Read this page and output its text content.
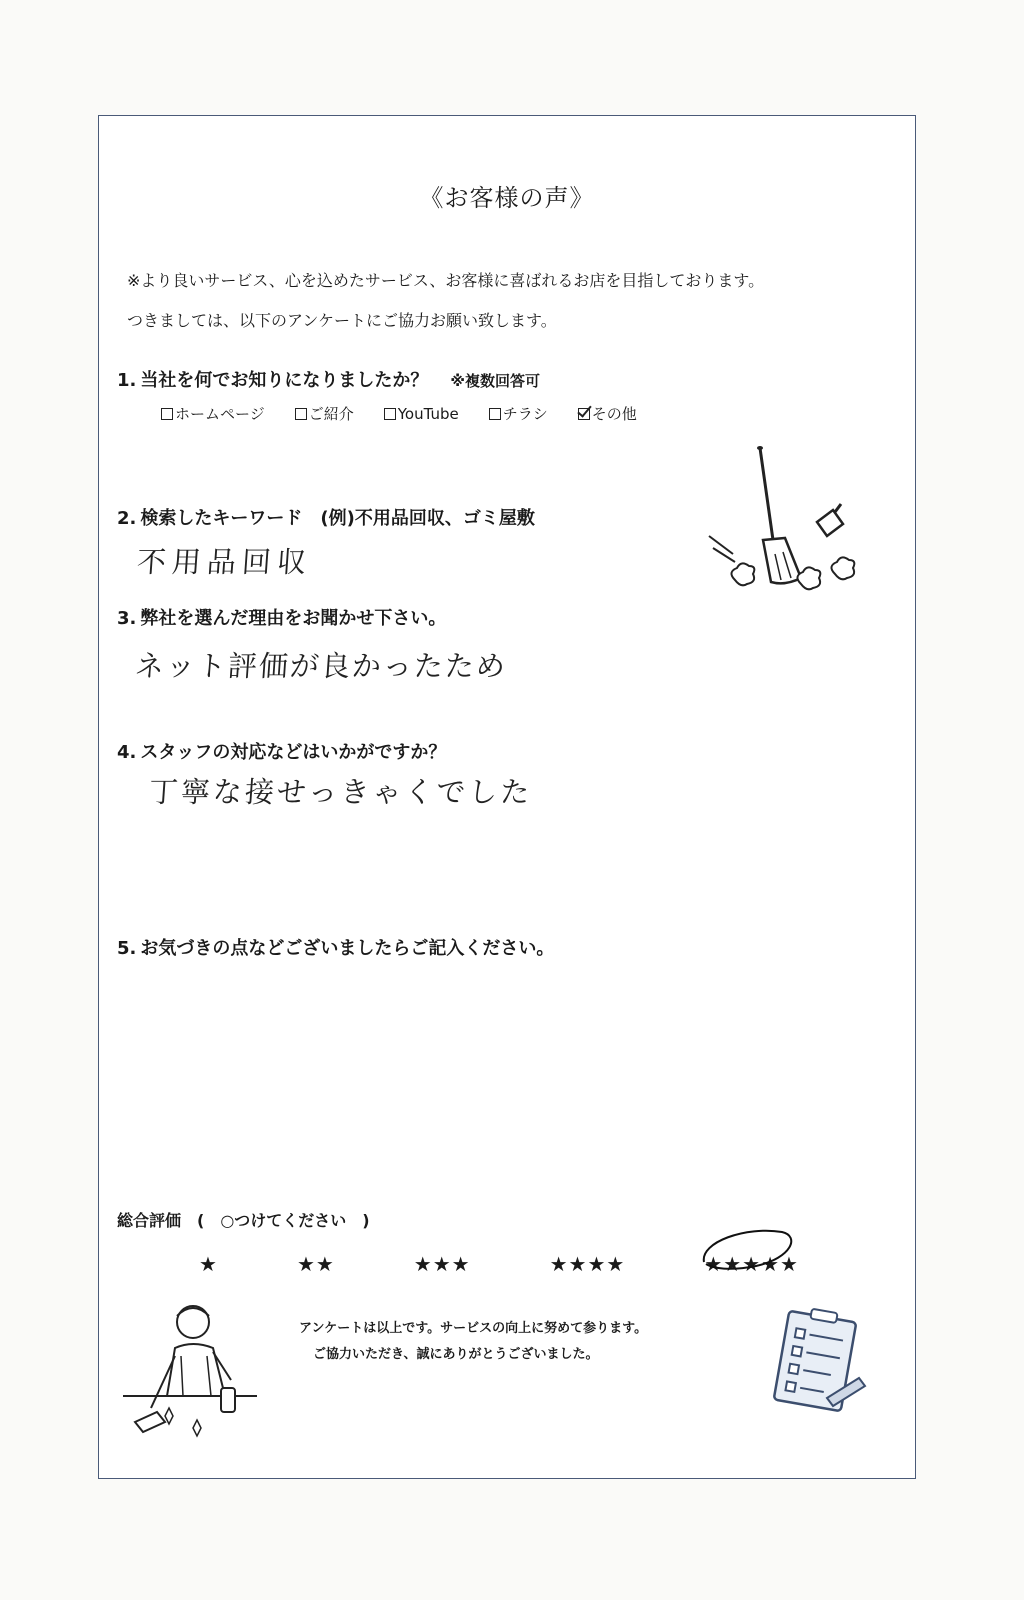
《お客様の声》
※より良いサービス、心を込めたサービス、お客様に喜ばれるお店を目指しております。
つきましては、以下のアンケートにご協力お願い致します。
1. 当社を何でお知りになりましたか？ ※複数回答可
ホームページ	ご紹介	YouTube	チラシ	その他
2. 検索したキーワード　(例)不用品回収、ゴミ屋敷
不用品回収
3. 弊社を選んだ理由をお聞かせ下さい。
ネット評価が良かったため
4. スタッフの対応などはいかがですか？
丁寧な接せっきゃくでした
5. お気づきの点などございましたらご記入ください。
総合評価　(　○つけてください　)
★	★★	★★★	★★★★	★★★★★
アンケートは以上です。サービスの向上に努めて参ります。
ご協力いただき、誠にありがとうございました。
